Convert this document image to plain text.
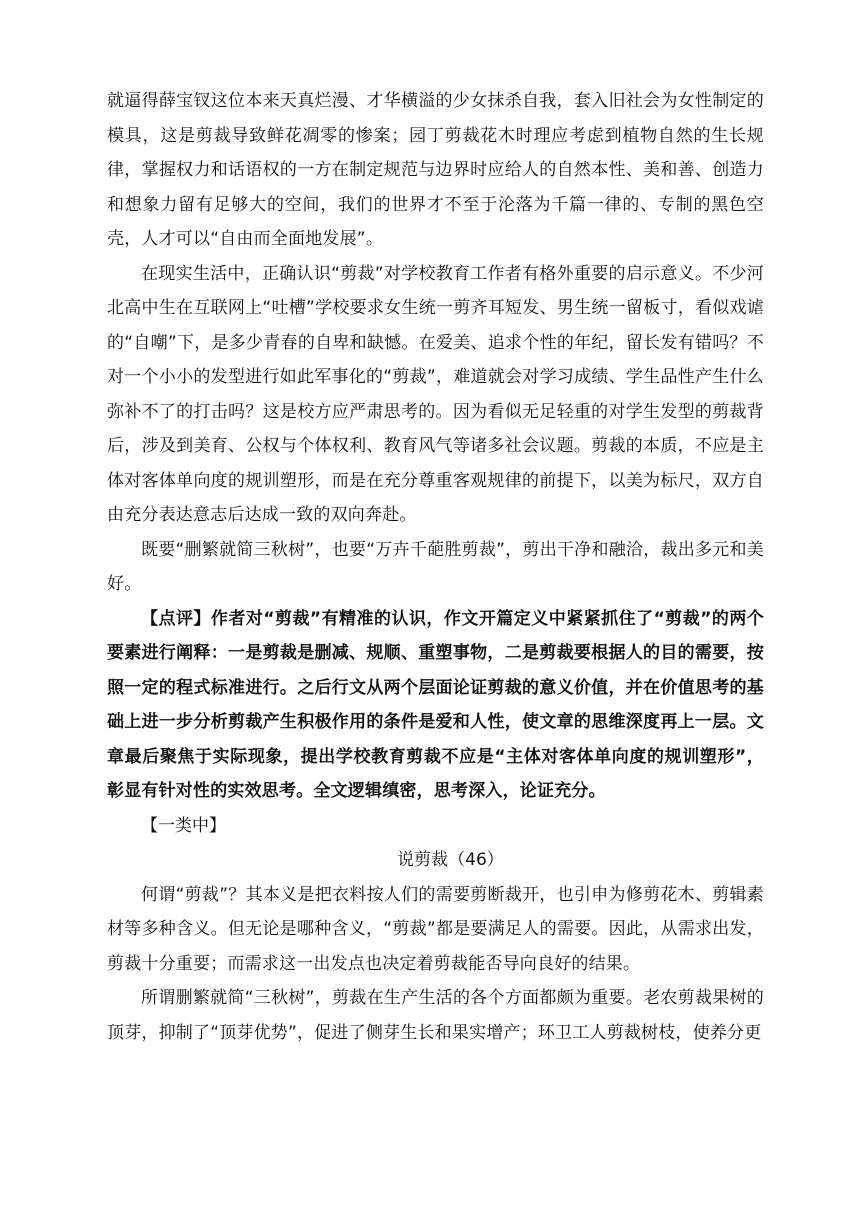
就逼得薛宝钗这位本来天真烂漫、才华横溢的少女抹杀自我，套入旧社会为女性制定的模具，这是剪裁导致鲜花凋零的惨案；园丁剪裁花木时理应考虑到植物自然的生长规律，掌握权力和话语权的一方在制定规范与边界时应给人的自然本性、美和善、创造力和想象力留有足够大的空间，我们的世界才不至于沦落为千篇一律的、专制的黑色空壳，人才可以“自由而全面地发展”。

在现实生活中，正确认识“剪裁”对学校教育工作者有格外重要的启示意义。不少河北高中生在互联网上“吐槽”学校要求女生统一剪齐耳短发、男生统一留板寸，看似戏谑的“自嘲”下，是多少青春的自卑和缺憾。在爱美、追求个性的年纪，留长发有错吗？不对一个小小的发型进行如此军事化的“剪裁”，难道就会对学习成绩、学生品性产生什么弥补不了的打击吗？这是校方应严肃思考的。因为看似无足轻重的对学生发型的剪裁背后，涉及到美育、公权与个体权利、教育风气等诸多社会议题。剪裁的本质，不应是主体对客体单向度的规训塑形，而是在充分尊重客观规律的前提下，以美为标尺，双方自由充分表达意志后达成一致的双向奔赴。

既要“删繁就简三秋树”，也要“万卉千葩胜剪裁”，剪出干净和融洽，裁出多元和美好。

【点评】作者对“剪裁”有精准的认识，作文开篇定义中紧紧抓住了“剪裁”的两个要素进行阐释：一是剪裁是删减、规顺、重塑事物，二是剪裁要根据人的目的需要，按照一定的程式标准进行。之后行文从两个层面论证剪裁的意义价值，并在价值思考的基础上进一步分析剪裁产生积极作用的条件是爱和人性，使文章的思维深度再上一层。文章最后聚焦于实际现象，提出学校教育剪裁不应是“主体对客体单向度的规训塑形”，彰显有针对性的实效思考。全文逻辑缜密，思考深入，论证充分。

【一类中】

说剪裁（46）

何谓“剪裁”？其本义是把衣料按人们的需要剪断裁开，也引申为修剪花木、剪辑素材等多种含义。但无论是哪种含义，“剪裁”都是要满足人的需要。因此，从需求出发，剪裁十分重要；而需求这一出发点也决定着剪裁能否导向良好的结果。

所谓删繁就简“三秋树”，剪裁在生产生活的各个方面都颇为重要。老农剪裁果树的顶芽，抑制了“顶芽优势”，促进了侧芽生长和果实增产；环卫工人剪裁树枝，使养分更
